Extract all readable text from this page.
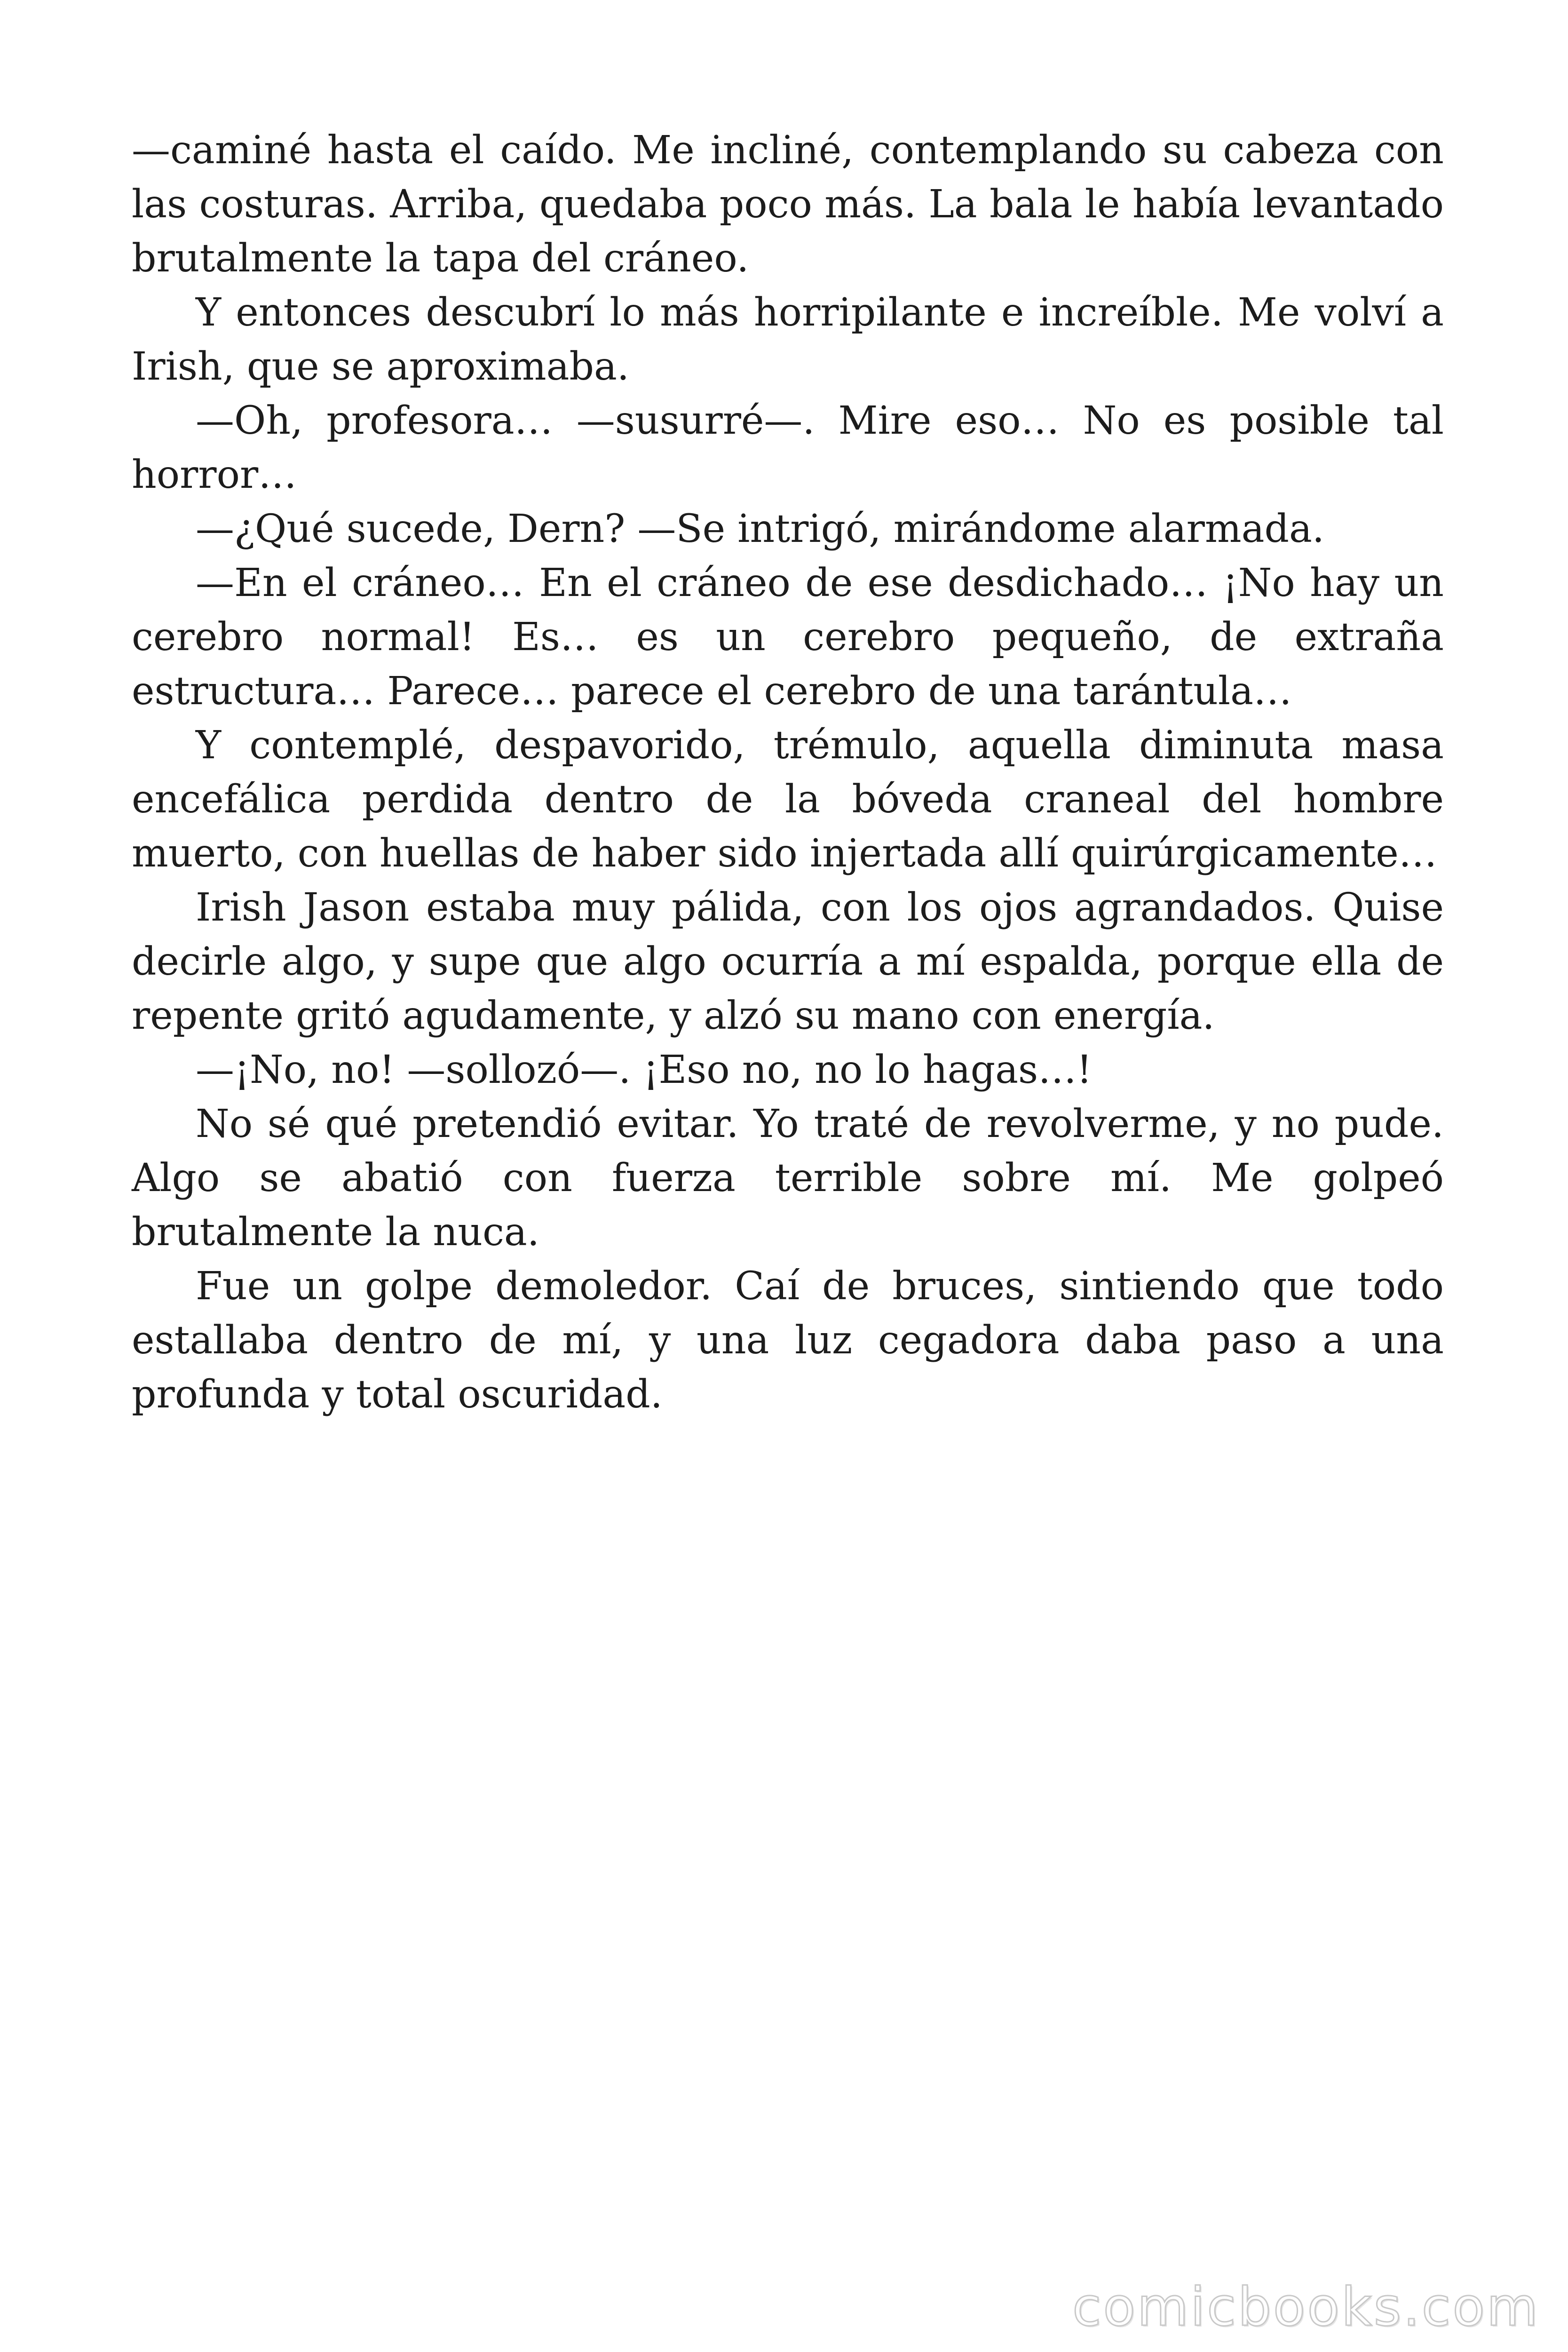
—caminé hasta el caído. Me incliné, contemplando su cabeza con las costuras. Arriba, quedaba poco más. La bala le había levantado brutalmente la tapa del cráneo.

Y entonces descubrí lo más horripilante e increíble. Me volví a Irish, que se aproximaba.

—Oh, profesora… —susurré—. Mire eso… No es posible tal horror…

—¿Qué sucede, Dern? —Se intrigó, mirándome alarmada.

—En el cráneo… En el cráneo de ese desdichado… ¡No hay un cerebro normal! Es… es un cerebro pequeño, de extraña estructura… Parece… parece el cerebro de una tarántula…

Y contemplé, despavorido, trémulo, aquella diminuta masa encefálica perdida dentro de la bóveda craneal del hombre muerto, con huellas de haber sido injertada allí quirúrgicamente…

Irish Jason estaba muy pálida, con los ojos agrandados. Quise decirle algo, y supe que algo ocurría a mí espalda, porque ella de repente gritó agudamente, y alzó su mano con energía.

—¡No, no! —sollozó—. ¡Eso no, no lo hagas…!

No sé qué pretendió evitar. Yo traté de revolverme, y no pude. Algo se abatió con fuerza terrible sobre mí. Me golpeó brutalmente la nuca.

Fue un golpe demoledor. Caí de bruces, sintiendo que todo estallaba dentro de mí, y una luz cegadora daba paso a una profunda y total oscuridad.

comicbooks.com
